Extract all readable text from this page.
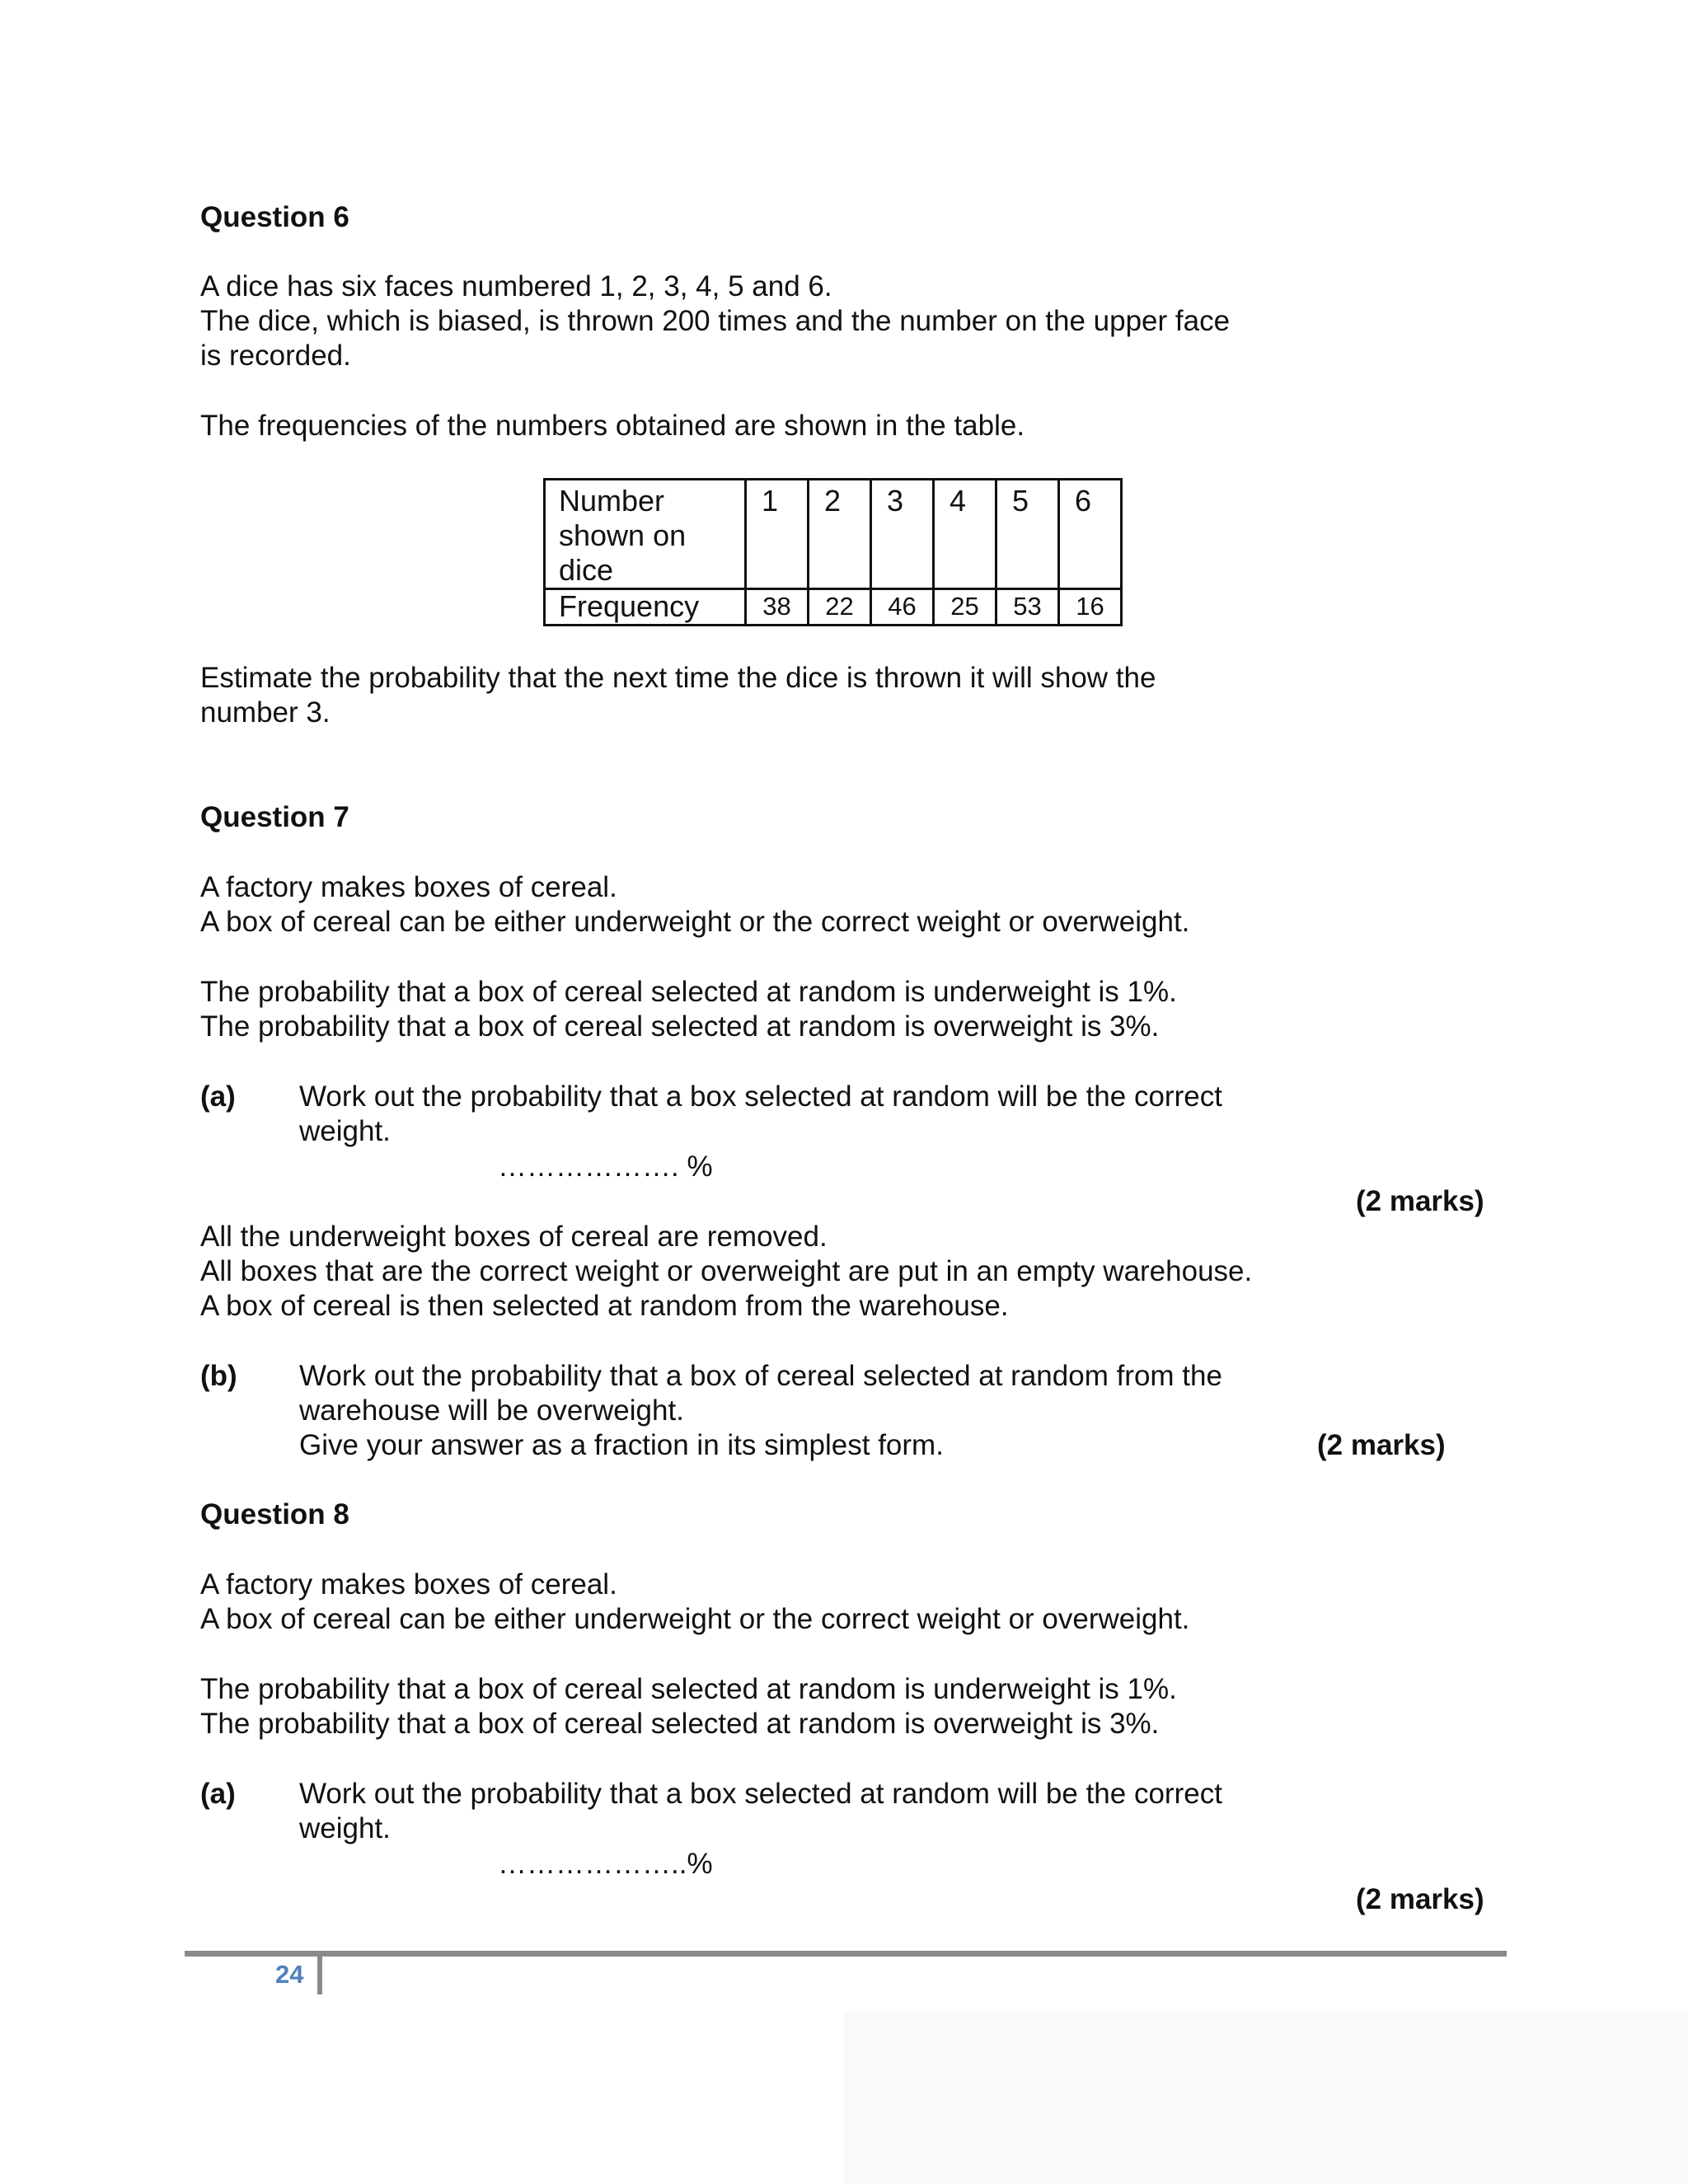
Question 6
A dice has six faces numbered 1, 2, 3, 4, 5 and 6.
The dice, which is biased, is thrown 200 times and the number on the upper face
is recorded.
The frequencies of the numbers obtained are shown in the table.
Number
shown on
dice	1	2	3	4	5	6
Frequency	38	22	46	25	53	16
Estimate the probability that the next time the dice is thrown it will show the
number 3.
Question 7
A factory makes boxes of cereal.
A box of cereal can be either underweight or the correct weight or overweight.
The probability that a box of cereal selected at random is underweight is 1%.
The probability that a box of cereal selected at random is overweight is 3%.
(a) Work out the probability that a box selected at random will be the correct
weight.
………………. %
(2 marks)
All the underweight boxes of cereal are removed.
All boxes that are the correct weight or overweight are put in an empty warehouse.
A box of cereal is then selected at random from the warehouse.
(b) Work out the probability that a box of cereal selected at random from the
warehouse will be overweight.
Give your answer as a fraction in its simplest form.	(2 marks)
Question 8
A factory makes boxes of cereal.
A box of cereal can be either underweight or the correct weight or overweight.
The probability that a box of cereal selected at random is underweight is 1%.
The probability that a box of cereal selected at random is overweight is 3%.
(a) Work out the probability that a box selected at random will be the correct
weight.
………………..%
(2 marks)
24
